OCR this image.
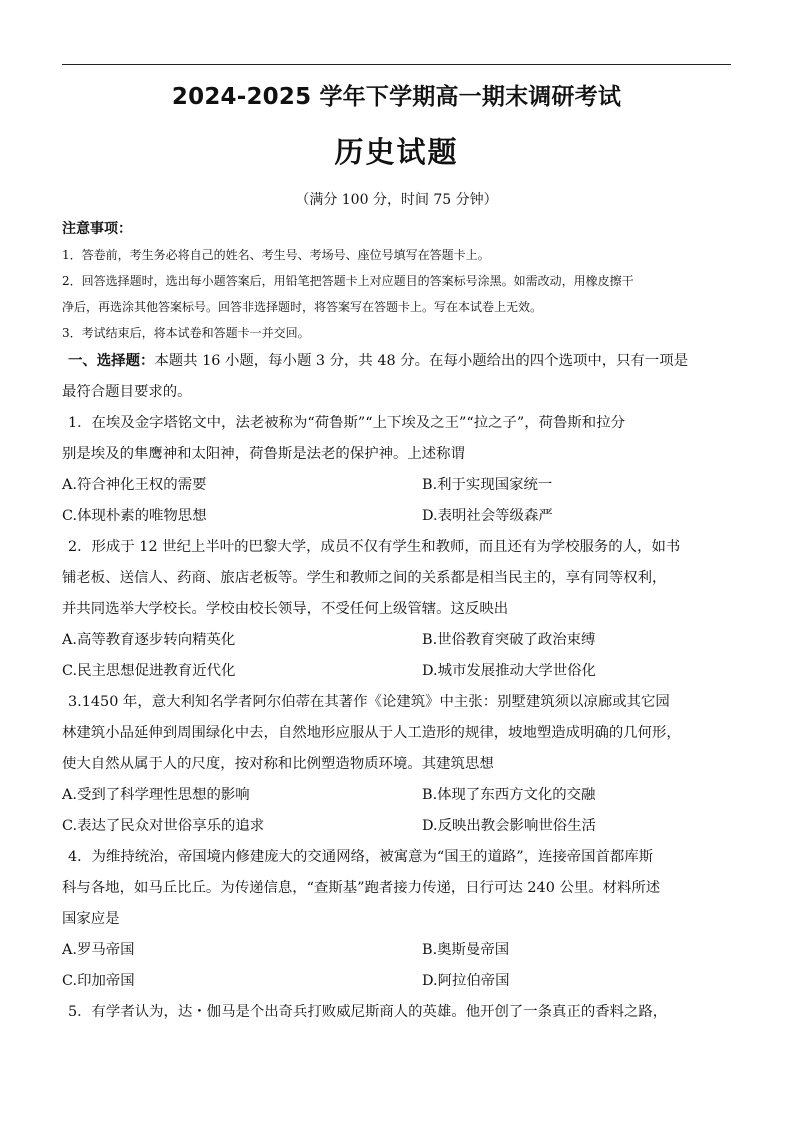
2024-2025 学年下学期高一期末调研考试
历史试题
（满分 100 分，时间 75 分钟）
注意事项：
1．答卷前，考生务必将自己的姓名、考生号、考场号、座位号填写在答题卡上。
2．回答选择题时，选出每小题答案后，用铅笔把答题卡上对应题目的答案标号涂黑。如需改动，用橡皮擦干
净后，再选涂其他答案标号。回答非选择题时，将答案写在答题卡上。写在本试卷上无效。
3．考试结束后，将本试卷和答题卡一并交回。
一、选择题：本题共 16 小题，每小题 3 分，共 48 分。在每小题给出的四个选项中，只有一项是
最符合题目要求的。
1．在埃及金字塔铭文中，法老被称为“荷鲁斯”“上下埃及之王”“拉之子”，荷鲁斯和拉分
别是埃及的隼鹰神和太阳神，荷鲁斯是法老的保护神。上述称谓
A.符合神化王权的需要	B.利于实现国家统一
C.体现朴素的唯物思想	D.表明社会等级森严
2．形成于 12 世纪上半叶的巴黎大学，成员不仅有学生和教师，而且还有为学校服务的人，如书
铺老板、送信人、药商、旅店老板等。学生和教师之间的关系都是相当民主的，享有同等权利，
并共同选举大学校长。学校由校长领导，不受任何上级管辖。这反映出
A.高等教育逐步转向精英化	B.世俗教育突破了政治束缚
C.民主思想促进教育近代化	D.城市发展推动大学世俗化
3.1450 年，意大利知名学者阿尔伯蒂在其著作《论建筑》中主张：别墅建筑须以凉廊或其它园
林建筑小品延伸到周围绿化中去，自然地形应服从于人工造形的规律，坡地塑造成明确的几何形，
使大自然从属于人的尺度，按对称和比例塑造物质环境。其建筑思想
A.受到了科学理性思想的影响	B.体现了东西方文化的交融
C.表达了民众对世俗享乐的追求	D.反映出教会影响世俗生活
4．为维持统治，帝国境内修建庞大的交通网络，被寓意为“国王的道路”，连接帝国首都库斯
科与各地，如马丘比丘。为传递信息，“查斯基”跑者接力传递，日行可达 240 公里。材料所述
国家应是
A.罗马帝国	B.奥斯曼帝国
C.印加帝国	D.阿拉伯帝国
5．有学者认为，达・伽马是个出奇兵打败威尼斯商人的英雄。他开创了一条真正的香料之路，
